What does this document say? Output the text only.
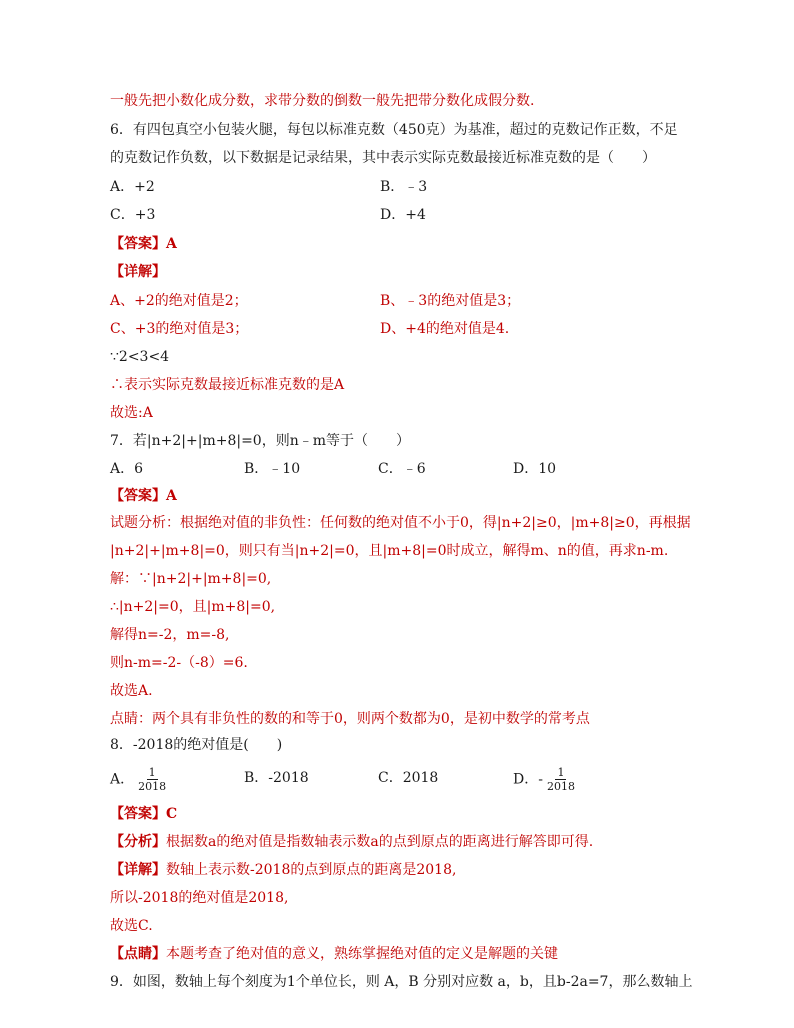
一般先把小数化成分数，求带分数的倒数一般先把带分数化成假分数.
6．有四包真空小包装火腿，每包以标准克数（450克）为基准，超过的克数记作正数，不足
的克数记作负数，以下数据是记录结果，其中表示实际克数最接近标准克数的是（　　）
A．+2	B．﹣3
C．+3	D．+4
【答案】A
【详解】
A、+2的绝对值是2；	B、﹣3的绝对值是3；
C、+3的绝对值是3；	D、+4的绝对值是4.
∵2<3<4
∴表示实际克数最接近标准克数的是A
故选:A
7．若|n+2|+|m+8|=0，则n﹣m等于（　　）
A．6	B．﹣10	C．﹣6	D．10
【答案】A
试题分析：根据绝对值的非负性：任何数的绝对值不小于0，得|n+2|≥0，|m+8|≥0，再根据
|n+2|+|m+8|=0，则只有当|n+2|=0，且|m+8|=0时成立，解得m、n的值，再求n-m.
解：∵|n+2|+|m+8|=0,
∴|n+2|=0，且|m+8|=0,
解得n=-2，m=-8,
则n-m=-2-（-8）=6.
故选A.
点睛：两个具有非负性的数的和等于0，则两个数都为0，是初中数学的常考点
8．-2018的绝对值是(　　)
A． $\frac{1}{2018}$	B．-2018	C．2018	D．- $\frac{1}{2018}$
【答案】C
【分析】根据数a的绝对值是指数轴表示数a的点到原点的距离进行解答即可得.
【详解】数轴上表示数-2018的点到原点的距离是2018,
所以-2018的绝对值是2018,
故选C.
【点睛】本题考查了绝对值的意义，熟练掌握绝对值的定义是解题的关键
9．如图，数轴上每个刻度为1个单位长，则 A，B 分别对应数 a，b，且b-2a=7，那么数轴上
